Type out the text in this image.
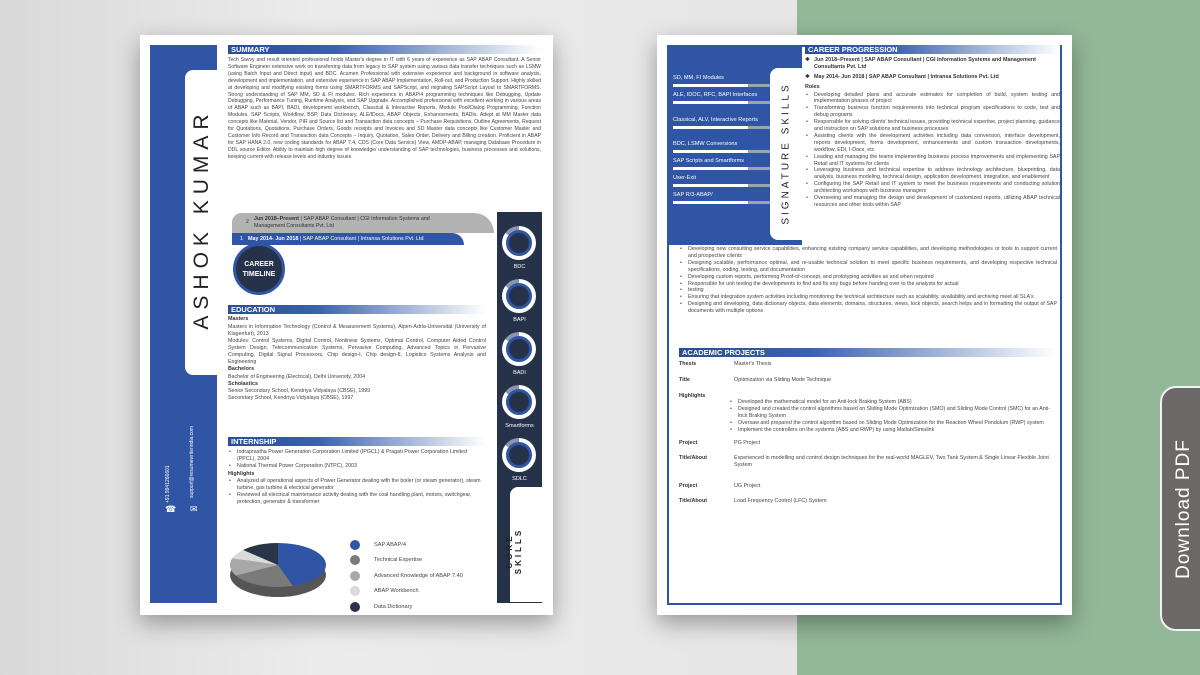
ASHOK KUMAR
☎
+91 9941266601
✉
support@resumewriterindia.com
SUMMARY
Tech Savvy and result oriented professional holds Master's degree in IT with 6 years of experience as SAP ABAP Consultant. A Senior Software Engineer extensive work on transferring data from legacy to SAP system using various data transfer techniques such as LSMW (using Batch Input and Direct input) and BDC. Acumen Professional with extensive experience and background in software analysis, development and implementation, and extensive experience in SAP ABAP Implementation, Roll-out, and Production Support. Highly skilled at developing and modifying existing forms using SMARTFORMS and SAPScript, and migrating SAPScript Layout to SMARTFORMS. Strong understanding of SAP MM, SD & FI modules. Rich experience in ABAP/4 programming techniques like Debugging, Update Debugging, Performance Tuning, Runtime Analysis, and SAP Upgrade. Accomplished professional with excellent working in various areas of ABAP such as BAPI, BADI, development workbench, Classical & Interactive Reports, Module Pool/Dialog Programming, Function Modules, SAP Scripts, Workflow, BSP, Data Dictionary, ALE/IDocs, ABAP Objects, Enhancements, BADIs. Adept at MM Master data concepts like Material, Vendor, PIR and Source list and Transaction data concepts – Purchase Requisitions, Outline Agreements, Request for Quotations, Quotations, Purchase Orders, Goods receipts and Invoices and SD Master data concepts like Customer Master and Customer Info Record and Transaction data Concepts – Inquiry, Quotation, Sales Order, Delivery and Billing creation. Proficient in ABAP for SAP HANA 2.0, new coding standards for ABAP 7.4, CDS (Core Data Service) View, AMDP-ABAP, managing Database Procedure in DDL source Editor. Ability to maintain high degree of knowledge/ understanding of SAP technologies, business processes and solutions, keeping current with release levels and industry issues.
2 Jun 2018–Present | SAP ABAP Consultant | CGI Information Systems and Management Consultants Pvt. Ltd
1 May 2014- Jun 2018 | SAP ABAP Consultant | Intransa Solutions Pvt. Ltd
CAREER
TIMELINE
EDUCATION
Masters
Masters in Information Technology (Control & Measurement Systems), Alpen-Adria-Universität (University of Klagenfurt), 2013
Modules: Control Systems, Digital Control, Nonlinear Systems, Optimal Control, Computer Aided Control System Design, Telecommunication Systems, Pervasive Computing, Advanced Topics in Pervasive Computing, Digital Signal Processors, Chip design-I, Chip design-II, Logistics Systems Analysis and Engineering
Bachelors
Bachelor of Engineering (Electrical), Delhi University, 2004
Scholastics
Senior Secondary School, Kendriya Vidyalaya (CBSE), 1999
Secondary School, Kendriya Vidyalaya (CBSE), 1997
INTERNSHIP
• Indraprastha Power Generation Corporation Limited (IPGCL) & Pragati Power Corporation Limited (PPCL), 2004
• National Thermal Power Corporation (NTPC), 2003
Highlights
• Analyzed all operational aspects of Power Generator dealing with the boiler (or steam generator), steam turbine, gas turbine & electrical generator
• Reviewed all electrical maintenance activity dealing with the coal handling plant, motors, switchgear, protection, generator & transformer
SAP ABAP/4
Technical Expertise
Advanced Knowledge of ABAP 7.40
ABAP Workbench
Data Dictionary
BDC
BAPI
BADI
Smartforms
SDLC
CORE SKILLS
SD, MM, FI Modules
ALE, IDOC, RFC, BAPI Interfaces
Classical, ALV, Interactive Reports
BDC, LSMW Conversions
SAP Scripts and Smartforms
User-Exit
SAP R/3-ABAP/	SIGNATURE SKILLS
CAREER PROGRESSION
❖ Jun 2018–Present | SAP ABAP Consultant | CGI Information Systems and Management Consultants Pvt. Ltd
❖ May 2014- Jun 2018 | SAP ABAP Consultant | Intransa Solutions Pvt. Ltd
Roles
• Developing detailed plans and accurate estimates for completion of build, system testing and implementation phases of project
• Transforming business function requirements into technical program specifications to code, test and debug programs
• Responsible for solving clients' technical issues, providing technical expertise, project planning, guidance and instruction on SAP solutions and business processes
• Assisting clients with the development activities including data conversion, interface development, reports development, forms development, enhancements and custom transaction developments, workflow, EDI, I-Docs, etc
• Leading and managing the teams implementing business process improvements and implementing SAP Retail and IT systems for clients
• Leveraging business and technical expertise to address technology architecture, blueprinting, data analysis, business modeling, technical design, application development, integration, and enablement
• Configuring the SAP Retail and IT system to meet the business requirements and conducting solution architecting workshops with business managers
• Overseeing and managing the design and development of customized reports, utilizing ABAP technical resources and other tools within SAP
• Developing new consulting service capabilities, enhancing existing company service capabilities, and developing methodologies or tools to support current and prospective clients
• Designing scalable, performance optimal, and re-usable technical solution to meet specific business requirements, and developing respective technical specifications, coding, testing, and documentation
• Developing custom reports, performing Proof-of-concept, and prototyping activities as and when required
• Responsible for unit testing the developments to find and fix any bugs before handing over to the analysts for actual
• testing
• Ensuring that integration system activities including monitoring the technical architecture such as scalability, availability and archiving meet all SLA's
• Designing and developing, data dictionary objects, data elements, domains, structures, views, lock objects, search helps and in formatting the output of SAP documents with multiple options
ACADEMIC PROJECTS
Thesis	Master's Thesis
Title	Optimization via Sliding Mode Technique
Highlights
• Developed the mathematical model for an Anti-lock Braking System (ABS)
• Designed and created the control algorithms based on Sliding Mode Optimization (SMO) and Sliding Mode Control (SMC) for an Anti-lock Braking System
• Oversaw and prepared the control algorithm based on Sliding Mode Optimization for the Reaction Wheel Pendulum (RWP) system
• Implement the controllers on the systems (ABS and RWP) by using Matlab/Simulink
Project	PG Project
Title/About	Experienced in modelling and control design techniques for the real-world MAGLEV, Two Tank System & Single Linear Flexible Joint System
Project	UG Project
Title/About	Load Frequency Control (LFC) System	Download PDF
